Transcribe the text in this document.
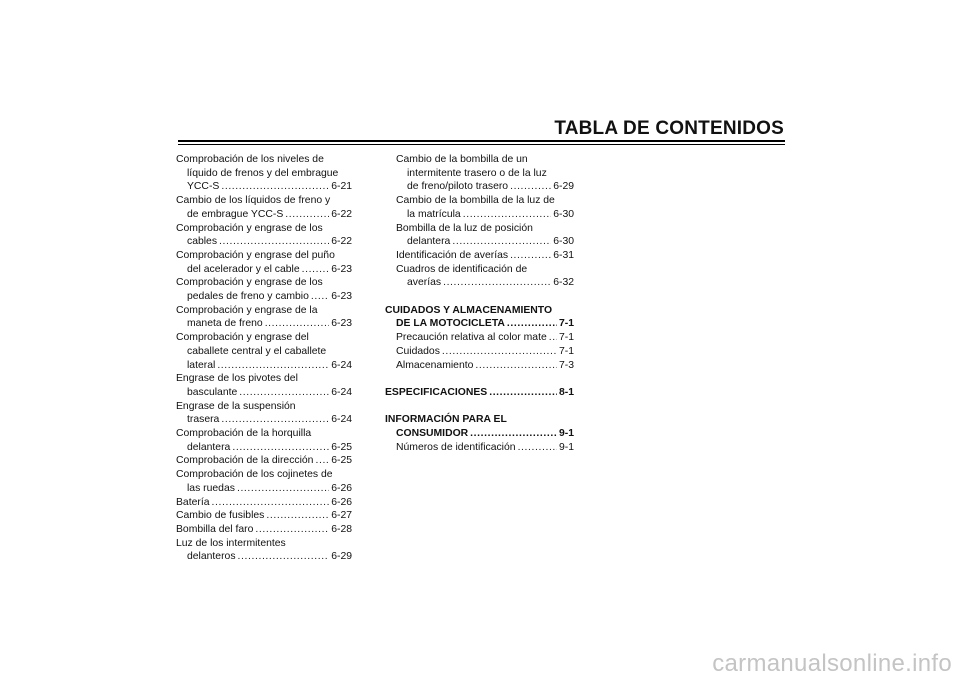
TABLA DE CONTENIDOS
Comprobación de los niveles de
líquido de frenos y del embrague
YCC-S .....	6-21
Cambio de los líquidos de freno y
de embrague YCC-S .....	6-22
Comprobación y engrase de los
cables .....	6-22
Comprobación y engrase del puño
del acelerador y el cable .....	6-23
Comprobación y engrase de los
pedales de freno y cambio ..... 6-23
Comprobación y engrase de la
maneta de freno .....	6-23
Comprobación y engrase del
caballete central y el caballete
lateral .....	6-24
Engrase de los pivotes del
basculante .....	6-24
Engrase de la suspensión
trasera .....	6-24
Comprobación de la horquilla
delantera .....	6-25
Comprobación de la dirección ..... 6-25
Comprobación de los cojinetes de
las ruedas .....	6-26
Batería .....	6-26
Cambio de fusibles .....	6-27
Bombilla del faro .....	6-28
Luz de los intermitentes
delanteros .....	6-29
Cambio de la bombilla de un
intermitente trasero o de la luz
de freno/piloto trasero .....	6-29
Cambio de la bombilla de la luz de
la matrícula .....	6-30
Bombilla de la luz de posición
delantera .....	6-30
Identificación de averías .....	6-31
Cuadros de identificación de
averías .....	6-32
CUIDADOS Y ALMACENAMIENTO
DE LA MOTOCICLETA .....	7-1
Precaución relativa al color mate ..... 7-1
Cuidados .....	7-1
Almacenamiento .....	7-3
ESPECIFICACIONES .....	8-1
INFORMACIÓN PARA EL
CONSUMIDOR .....	9-1
Números de identificación .....	9-1
carmanualsonline.info
